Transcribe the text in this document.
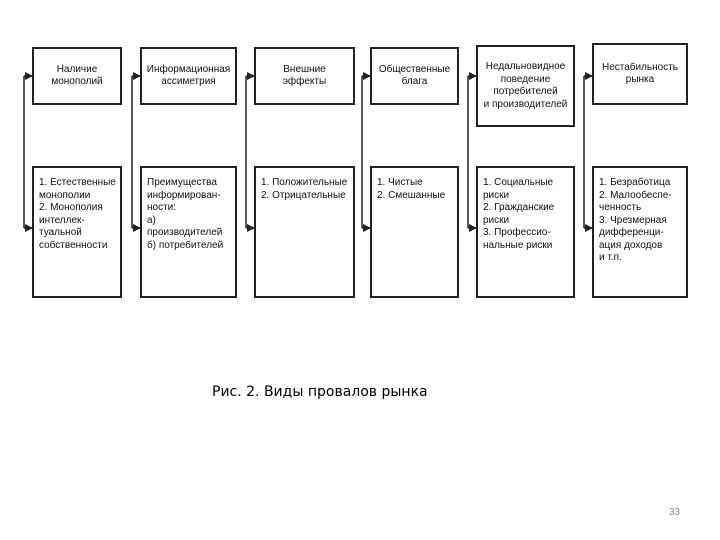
Наличие
монополий
1. Естественные
монополии
2. Монополия
интеллек-
туальной
собственности
Информационная
ассиметрия
Преимущества
информирован-
ности:
а) производителей
б) потребителей
Внешние
эффекты
1. Положительные
2. Отрицательные
Общественные
блага
1. Чистые
2. Смешанные
Недальновидное
поведение
потребителей
и производителей
1. Социальные
риски
2. Гражданские
риски
3. Профессио-
нальные риски
Нестабильность
рынка
1. Безработица
2. Малообеспе-
ченность
3. Чрезмерная
дифференци-
ация доходов
и т.п.
Рис. 2. Виды провалов рынка
33
